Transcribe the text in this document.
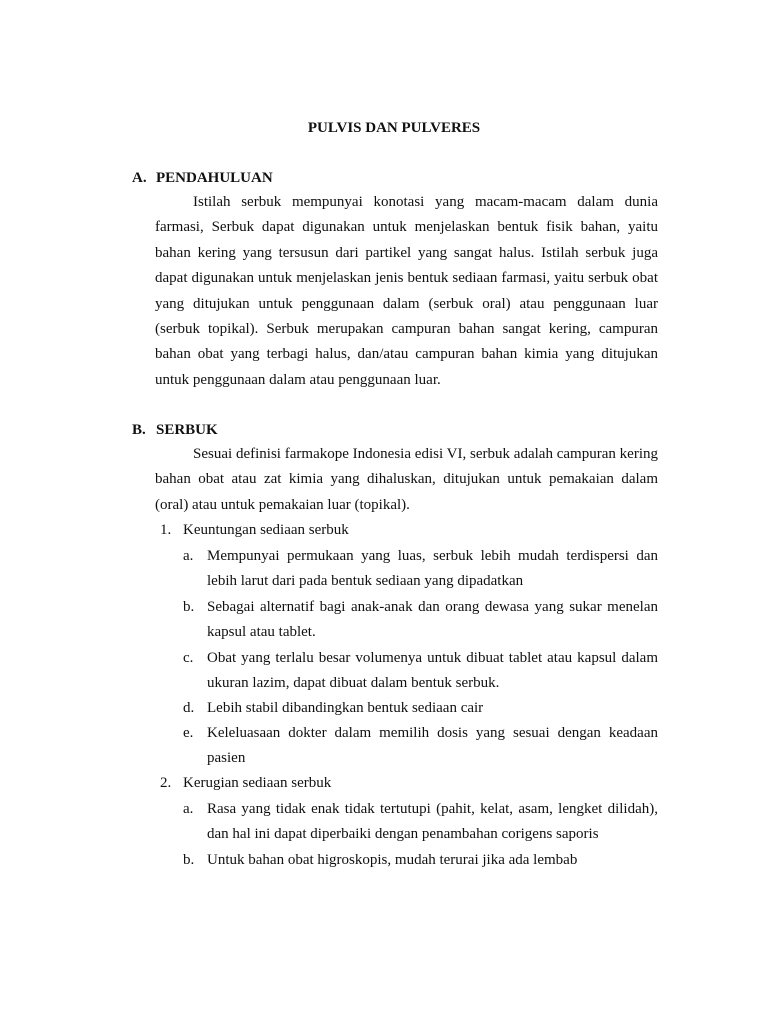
PULVIS DAN PULVERES
A. PENDAHULUAN
Istilah serbuk mempunyai konotasi yang macam-macam dalam dunia farmasi, Serbuk dapat digunakan untuk menjelaskan bentuk fisik bahan, yaitu bahan kering yang tersusun dari partikel yang sangat halus. Istilah serbuk juga dapat digunakan untuk menjelaskan jenis bentuk sediaan farmasi, yaitu serbuk obat yang ditujukan untuk penggunaan dalam (serbuk oral) atau penggunaan luar (serbuk topikal). Serbuk merupakan campuran bahan sangat kering, campuran bahan obat yang terbagi halus, dan/atau campuran bahan kimia yang ditujukan untuk penggunaan dalam atau penggunaan luar.
B. SERBUK
Sesuai definisi farmakope Indonesia edisi VI, serbuk adalah campuran kering bahan obat atau zat kimia yang dihaluskan, ditujukan untuk pemakaian dalam (oral) atau untuk pemakaian luar (topikal).
1. Keuntungan sediaan serbuk
a. Mempunyai permukaan yang luas, serbuk lebih mudah terdispersi dan lebih larut dari pada bentuk sediaan yang dipadatkan
b. Sebagai alternatif bagi anak-anak dan orang dewasa yang sukar menelan kapsul atau tablet.
c. Obat yang terlalu besar volumenya untuk dibuat tablet atau kapsul dalam ukuran lazim, dapat dibuat dalam bentuk serbuk.
d. Lebih stabil dibandingkan bentuk sediaan cair
e. Keleluasaan dokter dalam memilih dosis yang sesuai dengan keadaan pasien
2. Kerugian sediaan serbuk
a. Rasa yang tidak enak tidak tertutupi (pahit, kelat, asam, lengket dilidah), dan hal ini dapat diperbaiki dengan penambahan corigens saporis
b. Untuk bahan obat higroskopis, mudah terurai jika ada lembab
